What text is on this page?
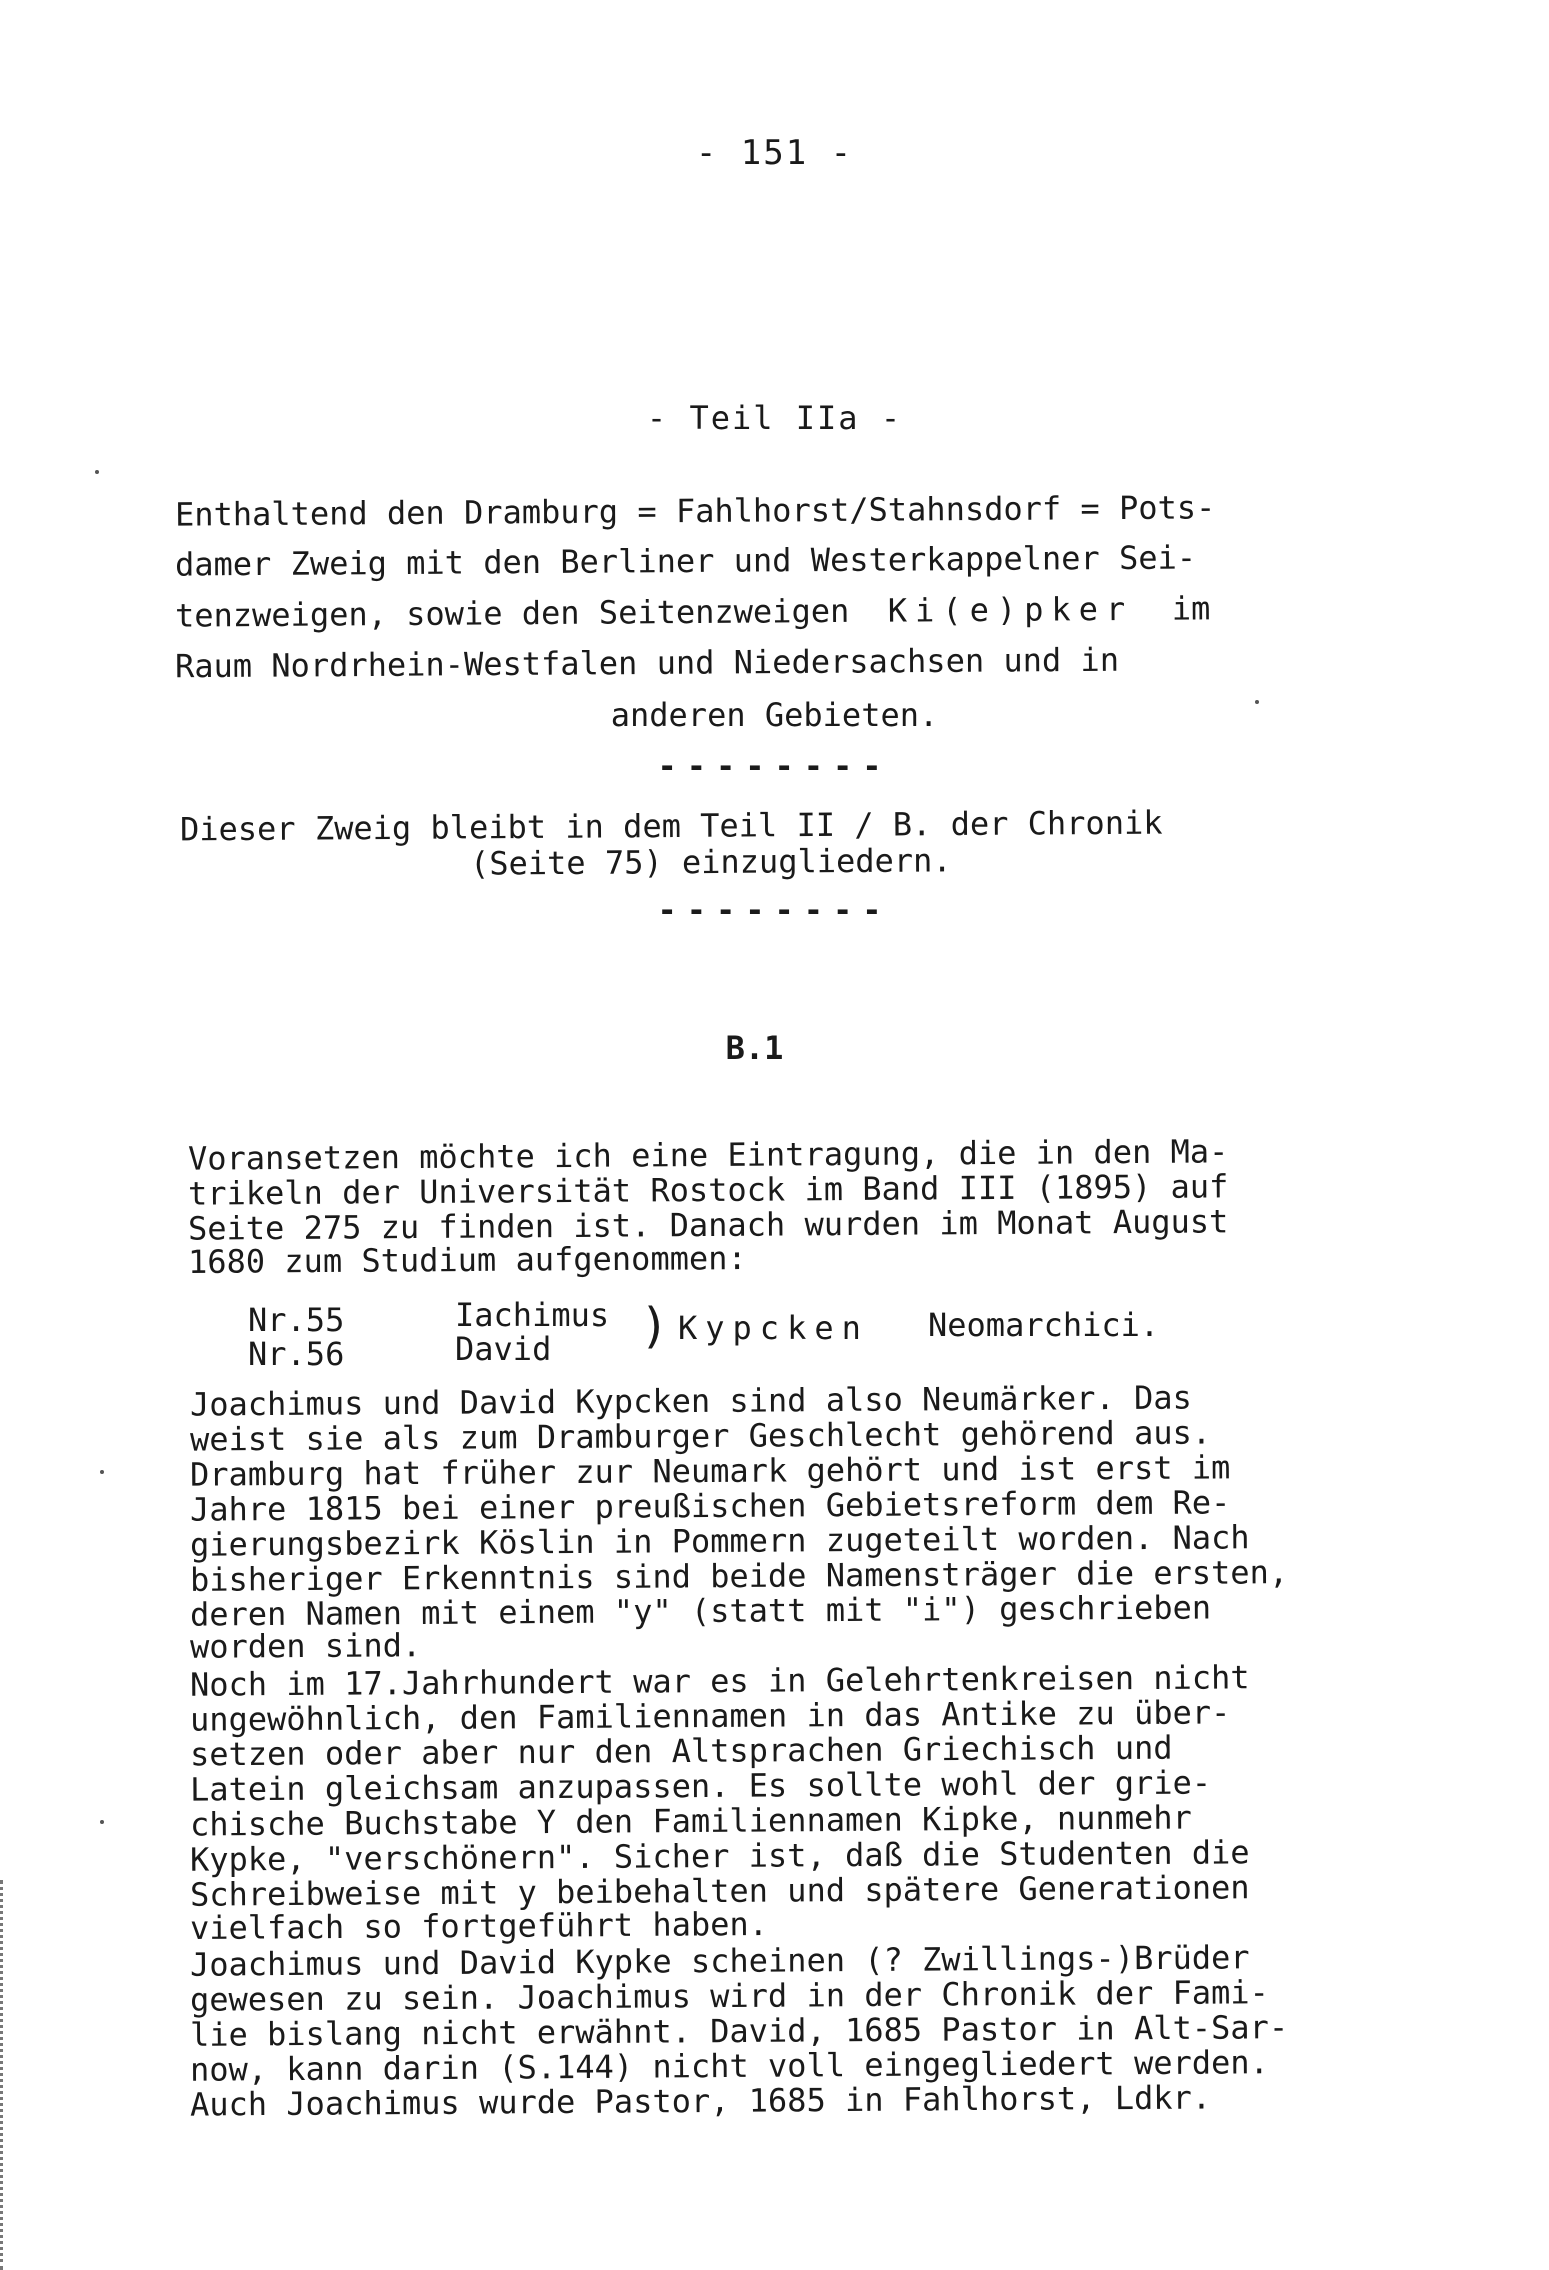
- 151 -
- Teil IIa -
Enthaltend den Dramburg = Fahlhorst/Stahnsdorf = Pots-
damer Zweig mit den Berliner und Westerkappelner Sei-
tenzweigen, sowie den Seitenzweigen Ki(e)pker im
Raum Nordrhein-Westfalen und Niedersachsen und in
anderen Gebieten.
--------
Dieser Zweig bleibt in dem Teil II / B. der Chronik
(Seite 75) einzugliedern.
--------
B.1
Voransetzen möchte ich eine Eintragung, die in den Ma-
trikeln der Universität Rostock im Band III (1895) auf
Seite 275 zu finden ist. Danach wurden im Monat August
1680 zum Studium aufgenommen:
Nr.55	Iachimus
Nr.56	David ) Kypcken Neomarchici.
Joachimus und David Kypcken sind also Neumärker. Das
weist sie als zum Dramburger Geschlecht gehörend aus.
Dramburg hat früher zur Neumark gehört und ist erst im
Jahre 1815 bei einer preußischen Gebietsreform dem Re-
gierungsbezirk Köslin in Pommern zugeteilt worden. Nach
bisheriger Erkenntnis sind beide Namensträger die ersten,
deren Namen mit einem "y" (statt mit "i") geschrieben
worden sind.
Noch im 17.Jahrhundert war es in Gelehrtenkreisen nicht
ungewöhnlich, den Familiennamen in das Antike zu über-
setzen oder aber nur den Altsprachen Griechisch und
Latein gleichsam anzupassen. Es sollte wohl der grie-
chische Buchstabe Y den Familiennamen Kipke, nunmehr
Kypke, "verschönern". Sicher ist, daß die Studenten die
Schreibweise mit y beibehalten und spätere Generationen
vielfach so fortgeführt haben.
Joachimus und David Kypke scheinen (? Zwillings-)Brüder
gewesen zu sein. Joachimus wird in der Chronik der Fami-
lie bislang nicht erwähnt. David, 1685 Pastor in Alt-Sar-
now, kann darin (S.144) nicht voll eingegliedert werden.
Auch Joachimus wurde Pastor, 1685 in Fahlhorst, Ldkr.
